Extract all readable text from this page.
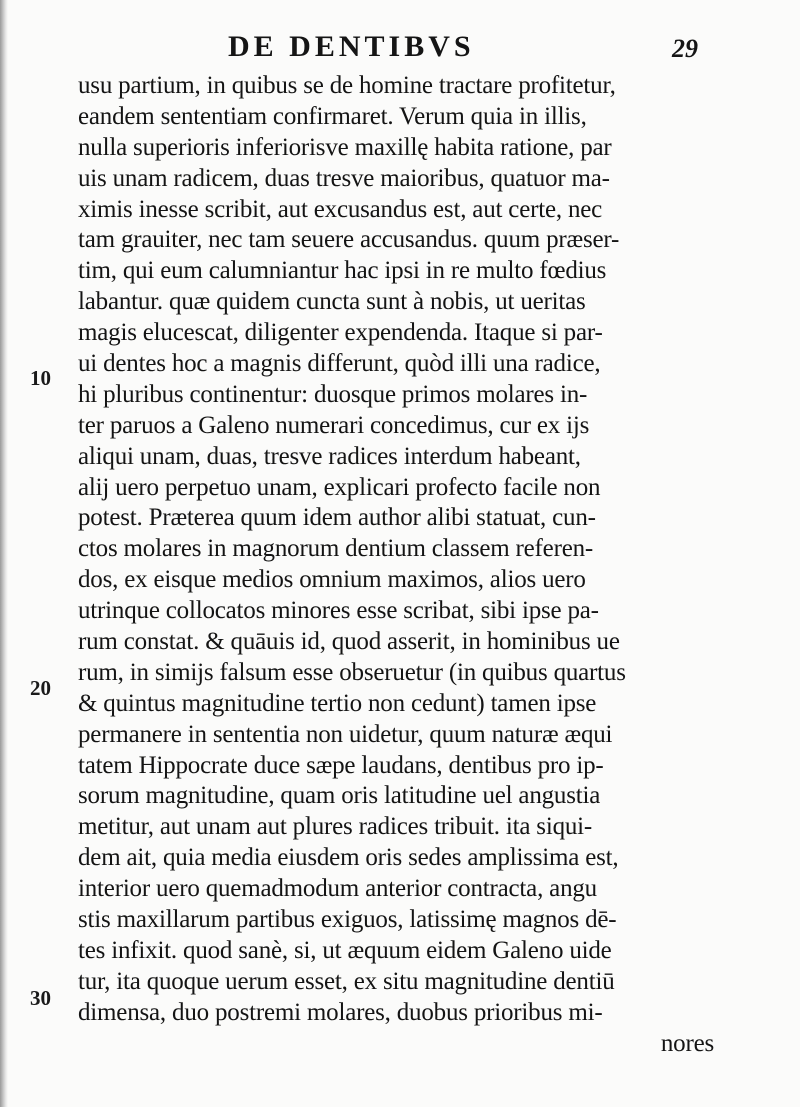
DE DENTIBVS	29
10
20
30
usu partium, in quibus se de homine tractare profitetur,
eandem sententiam confirmaret. Verum quia in illis,
nulla superioris inferiorisve maxillę habita ratione, par
uis unam radicem, duas tresve maioribus, quatuor ma-
ximis inesse scribit, aut excusandus est, aut certe, nec
tam grauiter, nec tam seuere accusandus. quum præser-
tim, qui eum calumniantur hac ipsi in re multo fœdius
labantur. quæ quidem cuncta sunt à nobis, ut ueritas
magis elucescat, diligenter expendenda. Itaque si par-
ui dentes hoc a magnis differunt, quòd illi una radice,
hi pluribus continentur: duosque primos molares in-
ter paruos a Galeno numerari concedimus, cur ex ijs
aliqui unam, duas, tresve radices interdum habeant,
alij uero perpetuo unam, explicari profecto facile non
potest. Præterea quum idem author alibi statuat, cun-
ctos molares in magnorum dentium classem referen-
dos, ex eisque medios omnium maximos, alios uero
utrinque collocatos minores esse scribat, sibi ipse pa-
rum constat. & quāuis id, quod asserit, in hominibus ue
rum, in simijs falsum esse obseruetur (in quibus quartus
& quintus magnitudine tertio non cedunt) tamen ipse
permanere in sententia non uidetur, quum naturæ æqui
tatem Hippocrate duce sæpe laudans, dentibus pro ip-
sorum magnitudine, quam oris latitudine uel angustia
metitur, aut unam aut plures radices tribuit. ita siqui-
dem ait, quia media eiusdem oris sedes amplissima est,
interior uero quemadmodum anterior contracta, angu
stis maxillarum partibus exiguos, latissimę magnos dē-
tes infixit. quod sanè, si, ut æquum eidem Galeno uide
tur, ita quoque uerum esset, ex situ magnitudine dentiū
dimensa, duo postremi molares, duobus prioribus mi-
nores
